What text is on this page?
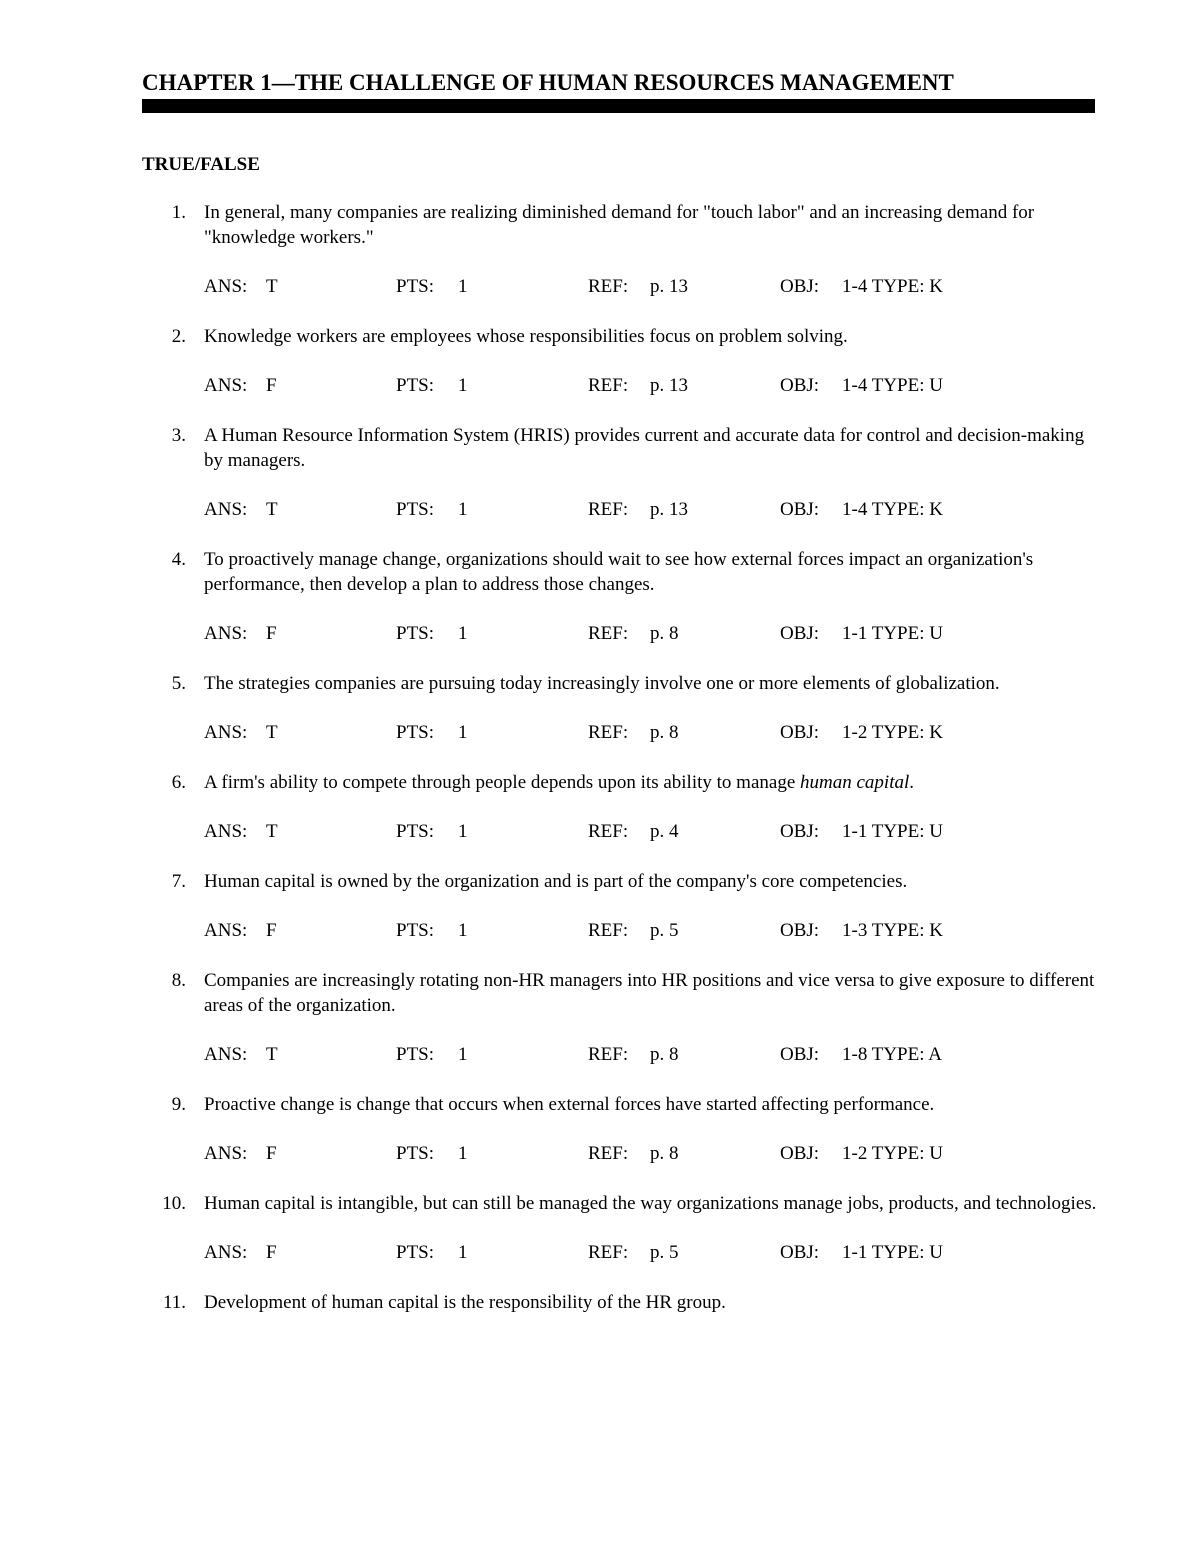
CHAPTER 1—THE CHALLENGE OF HUMAN RESOURCES MANAGEMENT
TRUE/FALSE
1. In general, many companies are realizing diminished demand for "touch labor" and an increasing demand for "knowledge workers."
ANS: T	PTS: 1	REF: p. 13	OBJ: 1-4 TYPE: K
2. Knowledge workers are employees whose responsibilities focus on problem solving.
ANS: F	PTS: 1	REF: p. 13	OBJ: 1-4 TYPE: U
3. A Human Resource Information System (HRIS) provides current and accurate data for control and decision-making by managers.
ANS: T	PTS: 1	REF: p. 13	OBJ: 1-4 TYPE: K
4. To proactively manage change, organizations should wait to see how external forces impact an organization's performance, then develop a plan to address those changes.
ANS: F	PTS: 1	REF: p. 8	OBJ: 1-1 TYPE: U
5. The strategies companies are pursuing today increasingly involve one or more elements of globalization.
ANS: T	PTS: 1	REF: p. 8	OBJ: 1-2 TYPE: K
6. A firm's ability to compete through people depends upon its ability to manage human capital.
ANS: T	PTS: 1	REF: p. 4	OBJ: 1-1 TYPE: U
7. Human capital is owned by the organization and is part of the company's core competencies.
ANS: F	PTS: 1	REF: p. 5	OBJ: 1-3 TYPE: K
8. Companies are increasingly rotating non-HR managers into HR positions and vice versa to give exposure to different areas of the organization.
ANS: T	PTS: 1	REF: p. 8	OBJ: 1-8 TYPE: A
9. Proactive change is change that occurs when external forces have started affecting performance.
ANS: F	PTS: 1	REF: p. 8	OBJ: 1-2 TYPE: U
10. Human capital is intangible, but can still be managed the way organizations manage jobs, products, and technologies.
ANS: F	PTS: 1	REF: p. 5	OBJ: 1-1 TYPE: U
11. Development of human capital is the responsibility of the HR group.
